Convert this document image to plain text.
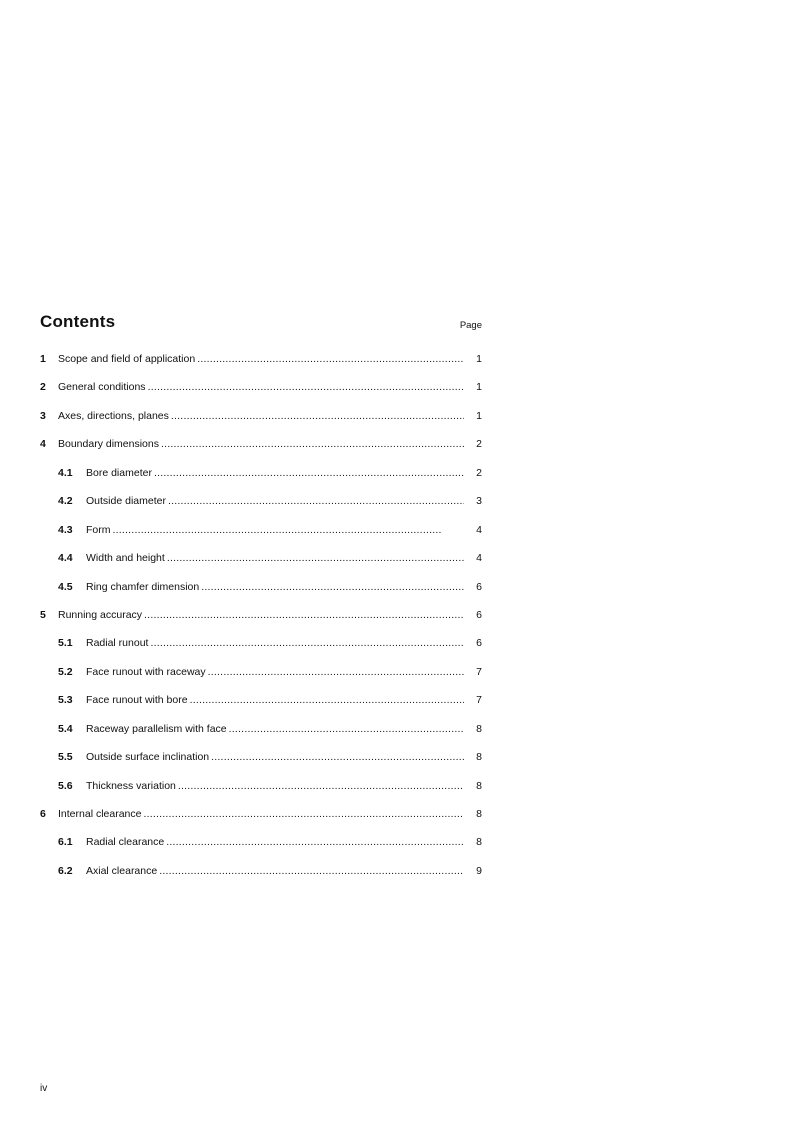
Contents	Page
1	Scope and field of application . . .	1
2	General conditions . . .	1
3	Axes, directions, planes . . .	1
4	Boundary dimensions . . .	2
4.1	Bore diameter . . .	2
4.2	Outside diameter . . .	3
4.3	Form . . .	4
4.4	Width and height . . .	4
4.5	Ring chamfer dimension . . .	6
5	Running accuracy . . .	6
5.1	Radial runout . . .	6
5.2	Face runout with raceway . . .	7
5.3	Face runout with bore . . .	7
5.4	Raceway parallelism with face . . .	8
5.5	Outside surface inclination . . .	8
5.6	Thickness variation . . .	8
6	Internal clearance . . .	8
6.1	Radial clearance . . .	8
6.2	Axial clearance . . .	9
iv
